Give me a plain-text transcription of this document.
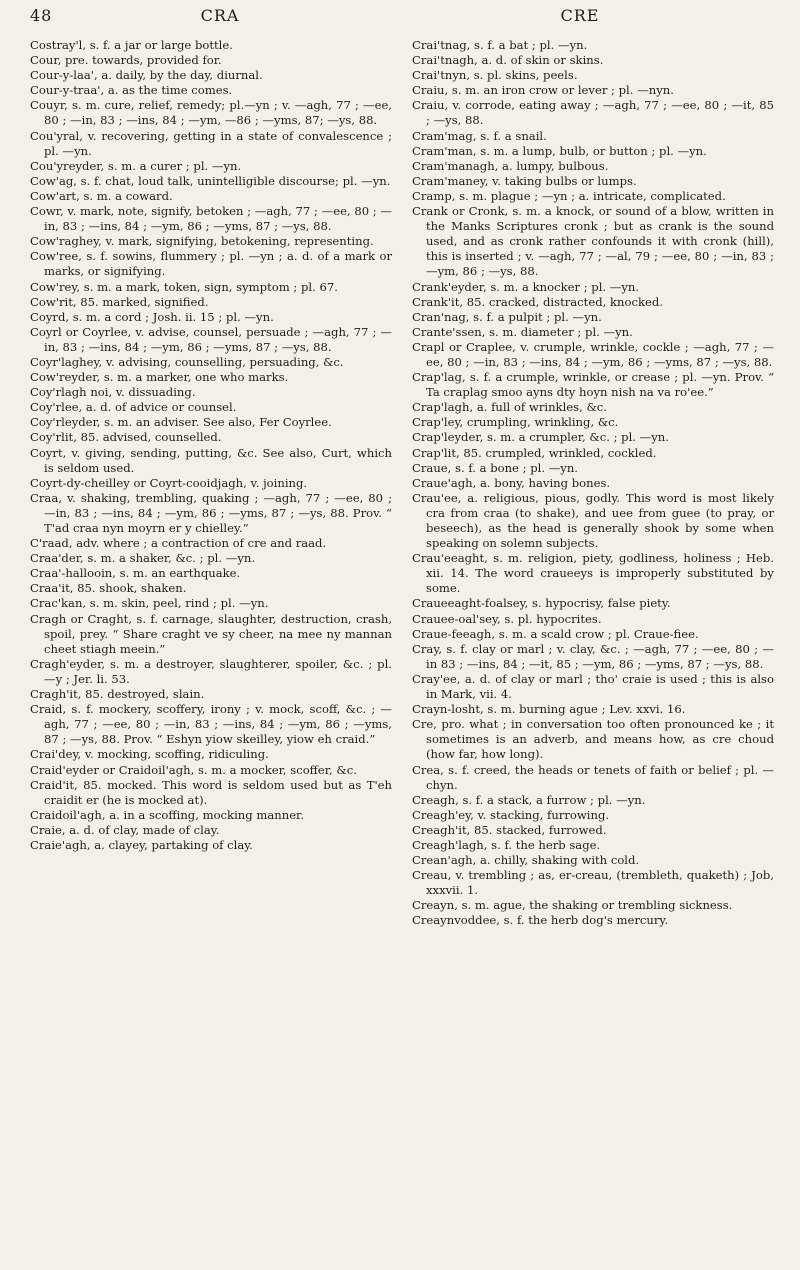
48	CRA	CRE

Costray'l, s. f. a jar or large bottle.

Cour, pre. towards, provided for.

Cour-y-laa', a. daily, by the day, diurnal.

Cour-y-traa', a. as the time comes.

Couyr, s. m. cure, relief, remedy; pl.—yn ; v. —agh, 77 ; —ee, 80 ; —in, 83 ; —ins, 84 ; —ym, —86 ; —yms, 87; —ys, 88.

Cou'yral, v. recovering, getting in a state of convalescence ; pl. —yn.

Cou'yreyder, s. m. a curer ; pl. —yn.

Cow'ag, s. f. chat, loud talk, unintelligible discourse; pl. —yn.

Cow'art, s. m. a coward.

Cowr, v. mark, note, signify, betoken ; —agh, 77 ; —ee, 80 ; —in, 83 ; —ins, 84 ; —ym, 86 ; —yms, 87 ; —ys, 88.

Cow'raghey, v. mark, signifying, betokening, representing.

Cow'ree, s. f. sowins, flummery ; pl. —yn ; a. d. of a mark or marks, or signifying.

Cow'rey, s. m. a mark, token, sign, symptom ; pl. 67.

Cow'rit, 85. marked, signified.

Coyrd, s. m. a cord ; Josh. ii. 15 ; pl. —yn.

Coyrl or Coyrlee, v. advise, counsel, persuade ; —agh, 77 ; —in, 83 ; —ins, 84 ; —ym, 86 ; —yms, 87 ; —ys, 88.

Coyr'laghey, v. advising, counselling, persuading, &c.

Cow'reyder, s. m. a marker, one who marks.

Coy'rlagh noi, v. dissuading.

Coy'rlee, a. d. of advice or counsel.

Coy'rleyder, s. m. an adviser. See also, Fer Coyrlee.

Coy'rlit, 85. advised, counselled.

Coyrt, v. giving, sending, putting, &c. See also, Curt, which is seldom used.

Coyrt-dy-cheilley or Coyrt-cooidjagh, v. joining.

Craa, v. shaking, trembling, quaking ; —agh, 77 ; —ee, 80 ; —in, 83 ; —ins, 84 ; —ym, 86 ; —yms, 87 ; —ys, 88. Prov. “ T'ad craa nyn moyrn er y chielley.”

C'raad, adv. where ; a contraction of cre and raad.

Craa'der, s. m. a shaker, &c. ; pl. —yn.

Craa'-hallooin, s. m. an earthquake.

Craa'it, 85. shook, shaken.

Crac'kan, s. m. skin, peel, rind ; pl. —yn.

Cragh or Craght, s. f. carnage, slaughter, destruction, crash, spoil, prey. “ Share craght ve sy cheer, na mee ny mannan cheet stiagh meein.”

Cragh'eyder, s. m. a destroyer, slaughterer, spoiler, &c. ; pl. —y ; Jer. li. 53.

Cragh'it, 85. destroyed, slain.

Craid, s. f. mockery, scoffery, irony ; v. mock, scoff, &c. ; —agh, 77 ; —ee, 80 ; —in, 83 ; —ins, 84 ; —ym, 86 ; —yms, 87 ; —ys, 88. Prov. “ Eshyn yiow skeilley, yiow eh craid.”

Crai'dey, v. mocking, scoffing, ridiculing.

Craid'eyder or Craidoil'agh, s. m. a mocker, scoffer, &c.

Craid'it, 85. mocked. This word is seldom used but as T'eh craidit er (he is mocked at).

Craidoil'agh, a. in a scoffing, mocking manner.

Craie, a. d. of clay, made of clay.

Craie'agh, a. clayey, partaking of clay.

Crai'tnag, s. f. a bat ; pl. —yn.

Crai'tnagh, a. d. of skin or skins.

Crai'tnyn, s. pl. skins, peels.

Craiu, s. m. an iron crow or lever ; pl. —nyn.

Craiu, v. corrode, eating away ; —agh, 77 ; —ee, 80 ; —it, 85 ; —ys, 88.

Cram'mag, s. f. a snail.

Cram'man, s. m. a lump, bulb, or button ; pl. —yn.

Cram'managh, a. lumpy, bulbous.

Cram'maney, v. taking bulbs or lumps.

Cramp, s. m. plague ; —yn ; a. intricate, complicated.

Crank or Cronk, s. m. a knock, or sound of a blow, written in the Manks Scriptures cronk ; but as crank is the sound used, and as cronk rather confounds it with cronk (hill), this is inserted ; v. —agh, 77 ; —al, 79 ; —ee, 80 ; —in, 83 ; —ym, 86 ; —ys, 88.

Crank'eyder, s. m. a knocker ; pl. —yn.

Crank'it, 85. cracked, distracted, knocked.

Cran'nag, s. f. a pulpit ; pl. —yn.

Crante'ssen, s. m. diameter ; pl. —yn.

Crapl or Craplee, v. crumple, wrinkle, cockle ; —agh, 77 ; —ee, 80 ; —in, 83 ; —ins, 84 ; —ym, 86 ; —yms, 87 ; —ys, 88.

Crap'lag, s. f. a crumple, wrinkle, or crease ; pl. —yn. Prov. “ Ta craplag smoo ayns dty hoyn nish na va ro'ee.”

Crap'lagh, a. full of wrinkles, &c.

Crap'ley, crumpling, wrinkling, &c.

Crap'leyder, s. m. a crumpler, &c. ; pl. —yn.

Crap'lit, 85. crumpled, wrinkled, cockled.

Craue, s. f. a bone ; pl. —yn.

Craue'agh, a. bony, having bones.

Crau'ee, a. religious, pious, godly. This word is most likely cra from craa (to shake), and uee from guee (to pray, or beseech), as the head is generally shook by some when speaking on solemn subjects.

Crau'eeaght, s. m. religion, piety, godliness, holiness ; Heb. xii. 14. The word craueeys is improperly substituted by some.

Craueeaght-foalsey, s. hypocrisy, false piety.

Crauee-oal'sey, s. pl. hypocrites.

Craue-feeagh, s. m. a scald crow ; pl. Craue-fiee.

Cray, s. f. clay or marl ; v. clay, &c. ; —agh, 77 ; —ee, 80 ; —in 83 ; —ins, 84 ; —it, 85 ; —ym, 86 ; —yms, 87 ; —ys, 88.

Cray'ee, a. d. of clay or marl ; tho' craie is used ; this is also in Mark, vii. 4.

Crayn-losht, s. m. burning ague ; Lev. xxvi. 16.

Cre, pro. what ; in conversation too often pronounced ke ; it sometimes is an adverb, and means how, as cre choud (how far, how long).

Crea, s. f. creed, the heads or tenets of faith or belief ; pl. —chyn.

Creagh, s. f. a stack, a furrow ; pl. —yn.

Creagh'ey, v. stacking, furrowing.

Creagh'it, 85. stacked, furrowed.

Creagh'lagh, s. f. the herb sage.

Crean'agh, a. chilly, shaking with cold.

Creau, v. trembling ; as, er-creau, (trembleth, quaketh) ; Job, xxxvii. 1.

Creayn, s. m. ague, the shaking or trembling sickness.

Creaynvoddee, s. f. the herb dog's mercury.
